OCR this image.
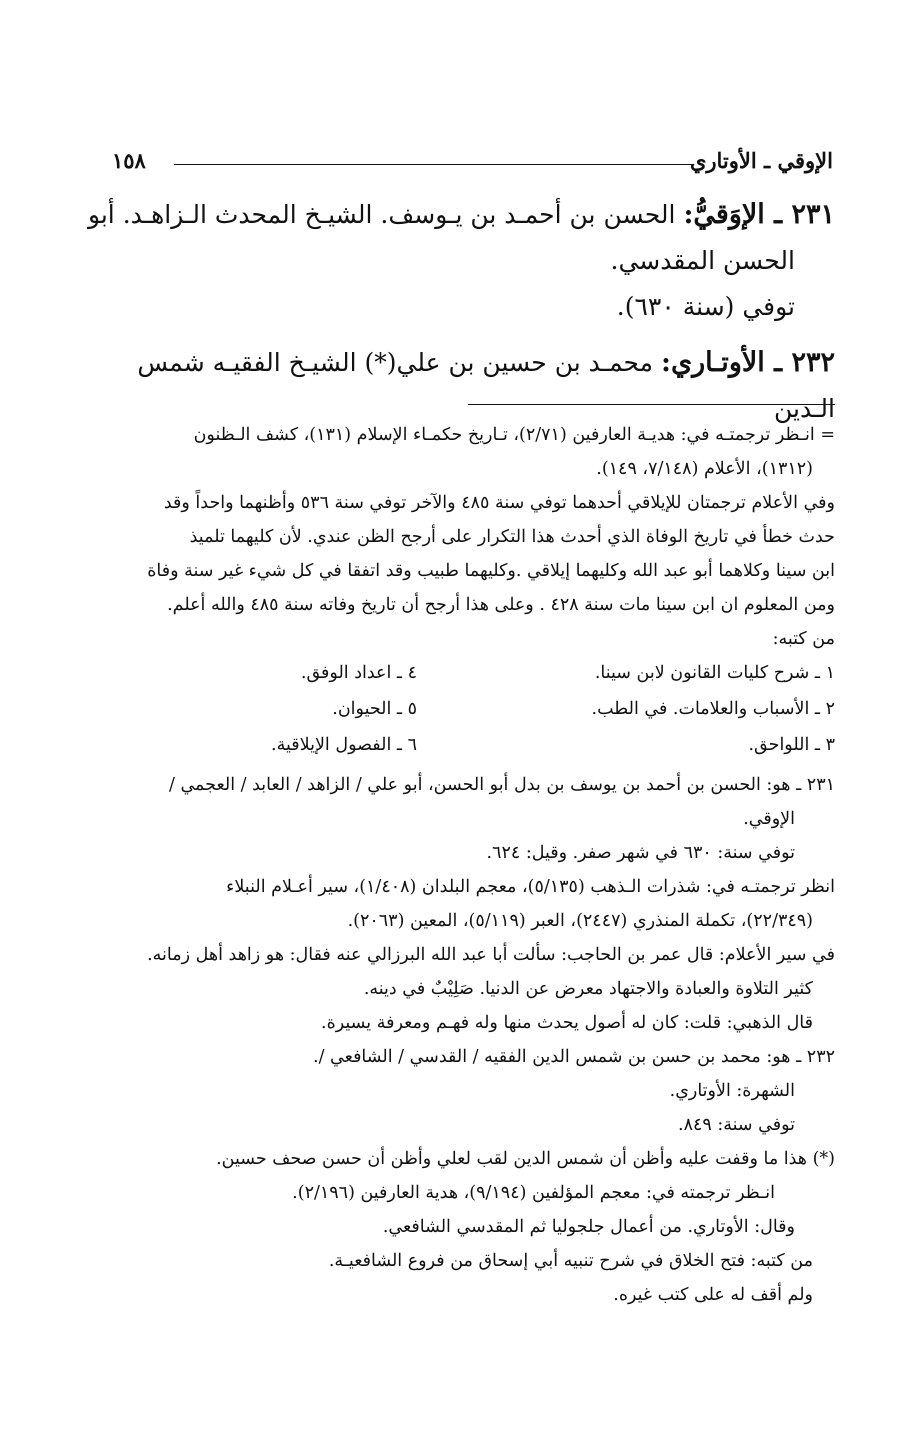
الإوقي ـ الأوتاري
١٥٨
٢٣١ ـ الإوَقيُّ: الحسن بن أحمـد بن يـوسف. الشيـخ المحدث الـزاهـد. أبو
الحسن المقدسي.
توفي (سنة ٦٣٠).
٢٣٢ ـ الأوتـاري: محمـد بن حسين بن علي(*) الشيـخ الفقيـه شمس الـدين

= انـظر ترجمتـه في: هديـة العارفين (٢/٧١)، تـاريخ حكمـاء الإسلام (١٣١)، كشف الـظنون

(١٣١٢)، الأعلام (٧/١٤٨، ١٤٩).

وفي الأعلام ترجمتان للإيلاقي أحدهما توفي سنة ٤٨٥ والآخر توفي سنة ٥٣٦ وأظنهما واحداً وقد

حدث خطأ في تاريخ الوفاة الذي أحدث هذا التكرار على أرجح الظن عندي. لأن كليهما تلميذ

ابن سينا وكلاهما أبو عبد الله وكليهما إيلاقي .وكليهما طبيب وقد اتفقا في كل شيء غير سنة وفاة

ومن المعلوم ان ابن سينا مات سنة ٤٢٨ . وعلى هذا أرجح أن تاريخ وفاته سنة ٤٨٥ والله أعلم.

من كتبه:

١ ـ شرح كليات القانون لابن سينا.
٢ ـ الأسباب والعلامات. في الطب.
٣ ـ اللواحق.
٤ ـ اعداد الوفق.
٥ ـ الحيوان.
٦ ـ الفصول الإيلاقية.

٢٣١ ـ هو: الحسن بن أحمد بن يوسف بن بدل أبو الحسن، أبو علي / الزاهد / العابد / العجمي /

الإوقي.

توفي سنة: ٦٣٠ في شهر صفر. وقيل: ٦٢٤.

انظر ترجمتـه في: شذرات الـذهب (٥/١٣٥)، معجم البلدان (١/٤٠٨)، سير أعـلام النبلاء

(٢٢/٣٤٩)، تكملة المنذري (٢٤٤٧)، العبر (٥/١١٩)، المعين (٢٠٦٣).

في سير الأعلام: قال عمر بن الحاجب: سألت أبا عبد الله البرزالي عنه فقال: هو زاهد أهل زمانه.

كثير التلاوة والعبادة والاجتهاد معرض عن الدنيا. صَلِيْبٌ في دينه.

قال الذهبي: قلت: كان له أصول يحدث منها وله فهـم ومعرفة يسيرة.

٢٣٢ ـ هو: محمد بن حسن بن شمس الدين الفقيه / القدسي / الشافعي /.

الشهرة: الأوتاري.

توفي سنة: ٨٤٩.

(*) هذا ما وقفت عليه وأظن أن شمس الدين لقب لعلي وأظن أن حسن صحف حسين.

انـظر ترجمته في: معجم المؤلفين (٩/١٩٤)، هدية العارفين (٢/١٩٦).

وقال: الأوتاري. من أعمال جلجوليا ثم المقدسي الشافعي.

من كتبه: فتح الخلاق في شرح تنبيه أبي إسحاق من فروع الشافعيـة.

ولم أقف له على كتب غيره.
